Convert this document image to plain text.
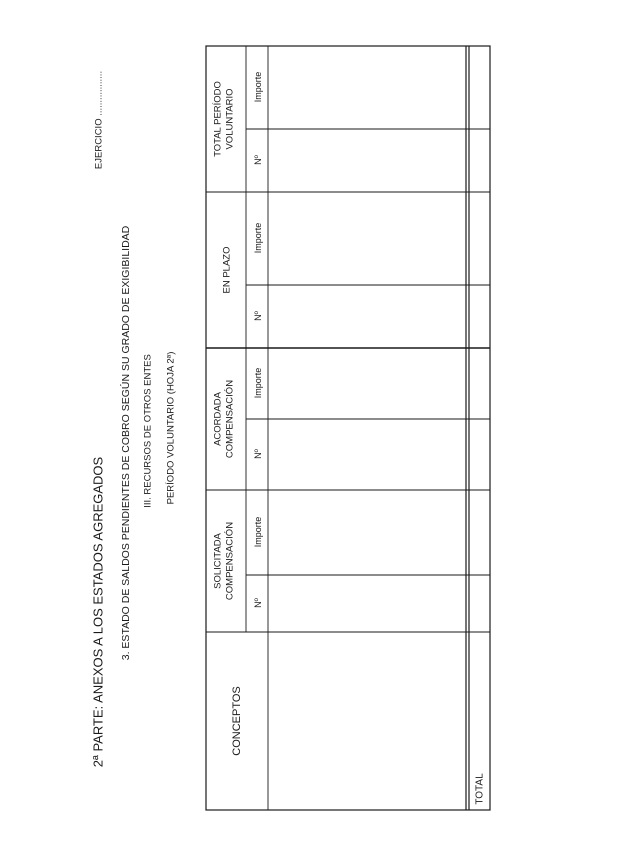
2ª PARTE: ANEXOS A LOS ESTADOS AGREGADOS 3. ESTADO DE SALDOS PENDIENTES DE COBRO SEGÚN SU GRADO DE EXIGIBILIDAD III. RECURSOS DE OTROS ENTES PERÍODO VOLUNTARIO (HOJA 2ª)
EJERCICIO .................
CONCEPTOS
SOLICITADA COMPENSACIÓN
ACORDADA COMPENSACIÓN
EN PLAZO
TOTAL PERÍODO VOLUNTARIO
Nº
Importe
Nº
Importe
Nº
Importe
Nº
Importe
TOTAL
